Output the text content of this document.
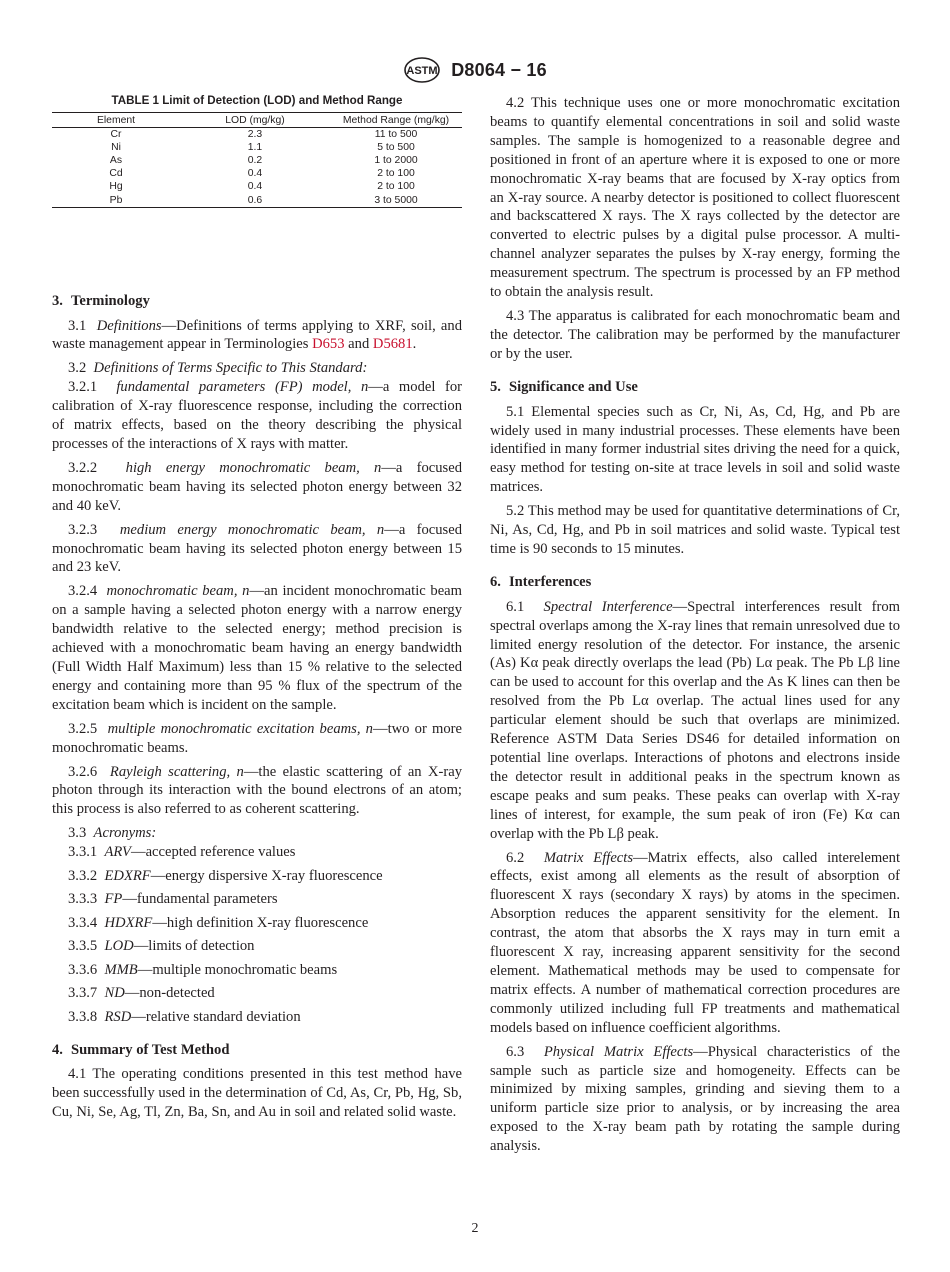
ASTM D8064 − 16
TABLE 1 Limit of Detection (LOD) and Method Range
Element	LOD (mg/kg)	Method Range (mg/kg)
Cr	2.3	11 to 500
Ni	1.1	5 to 500
As	0.2	1 to 2000
Cd	0.4	2 to 100
Hg	0.4	2 to 100
Pb	0.6	3 to 5000
3. Terminology

3.1 Definitions—Definitions of terms applying to XRF, soil, and waste management appear in Terminologies D653 and D5681.

3.2 Definitions of Terms Specific to This Standard:

3.2.1 fundamental parameters (FP) model, n—a model for calibration of X-ray fluorescence response, including the correction of matrix effects, based on the theory describing the physical processes of the interactions of X rays with matter.

3.2.2 high energy monochromatic beam, n—a focused monochromatic beam having its selected photon energy between 32 and 40 keV.

3.2.3 medium energy monochromatic beam, n—a focused monochromatic beam having its selected photon energy between 15 and 23 keV.

3.2.4 monochromatic beam, n—an incident monochromatic beam on a sample having a selected photon energy with a narrow energy bandwidth relative to the selected energy; method precision is achieved with a monochromatic beam having an energy bandwidth (Full Width Half Maximum) less than 15 % relative to the selected energy and containing more than 95 % flux of the spectrum of the excitation beam which is incident on the sample.

3.2.5 multiple monochromatic excitation beams, n—two or more monochromatic beams.

3.2.6 Rayleigh scattering, n—the elastic scattering of an X-ray photon through its interaction with the bound electrons of an atom; this process is also referred to as coherent scattering.

3.3 Acronyms:

3.3.1 ARV—accepted reference values

3.3.2 EDXRF—energy dispersive X-ray fluorescence

3.3.3 FP—fundamental parameters

3.3.4 HDXRF—high definition X-ray fluorescence

3.3.5 LOD—limits of detection

3.3.6 MMB—multiple monochromatic beams

3.3.7 ND—non-detected

3.3.8 RSD—relative standard deviation

4. Summary of Test Method

4.1 The operating conditions presented in this test method have been successfully used in the determination of Cd, As, Cr, Pb, Hg, Sb, Cu, Ni, Se, Ag, Tl, Zn, Ba, Sn, and Au in soil and related solid waste.

4.2 This technique uses one or more monochromatic excitation beams to quantify elemental concentrations in soil and solid waste samples. The sample is homogenized to a reasonable degree and positioned in front of an aperture where it is exposed to one or more monochromatic X-ray beams that are focused by X-ray optics from an X-ray source. A nearby detector is positioned to collect fluorescent and backscattered X rays. The X rays collected by the detector are converted to electric pulses by a digital pulse processor. A multi-channel analyzer separates the pulses by X-ray energy, forming the measurement spectrum. The spectrum is processed by an FP method to obtain the analysis result.

4.3 The apparatus is calibrated for each monochromatic beam and the detector. The calibration may be performed by the manufacturer or by the user.

5. Significance and Use

5.1 Elemental species such as Cr, Ni, As, Cd, Hg, and Pb are widely used in many industrial processes. These elements have been identified in many former industrial sites driving the need for a quick, easy method for testing on-site at trace levels in soil and solid waste matrices.

5.2 This method may be used for quantitative determinations of Cr, Ni, As, Cd, Hg, and Pb in soil matrices and solid waste. Typical test time is 90 seconds to 15 minutes.

6. Interferences

6.1 Spectral Interference—Spectral interferences result from spectral overlaps among the X-ray lines that remain unresolved due to limited energy resolution of the detector. For instance, the arsenic (As) Kα peak directly overlaps the lead (Pb) Lα peak. The Pb Lβ line can be used to account for this overlap and the As K lines can then be resolved from the Pb Lα overlap. The actual lines used for any particular element should be such that overlaps are minimized. Reference ASTM Data Series DS46 for detailed information on potential line overlaps. Interactions of photons and electrons inside the detector result in additional peaks in the spectrum known as escape peaks and sum peaks. These peaks can overlap with X-ray lines of interest, for example, the sum peak of iron (Fe) Kα can overlap with the Pb Lβ peak.

6.2 Matrix Effects—Matrix effects, also called interelement effects, exist among all elements as the result of absorption of fluorescent X rays (secondary X rays) by atoms in the specimen. Absorption reduces the apparent sensitivity for the element. In contrast, the atom that absorbs the X rays may in turn emit a fluorescent X ray, increasing apparent sensitivity for the second element. Mathematical methods may be used to compensate for matrix effects. A number of mathematical correction procedures are commonly utilized including full FP treatments and mathematical models based on influence coefficient algorithms.

6.3 Physical Matrix Effects—Physical characteristics of the sample such as particle size and homogeneity. Effects can be minimized by mixing samples, grinding and sieving them to a uniform particle size prior to analysis, or by increasing the area exposed to the X-ray beam path by rotating the sample during analysis.

2
